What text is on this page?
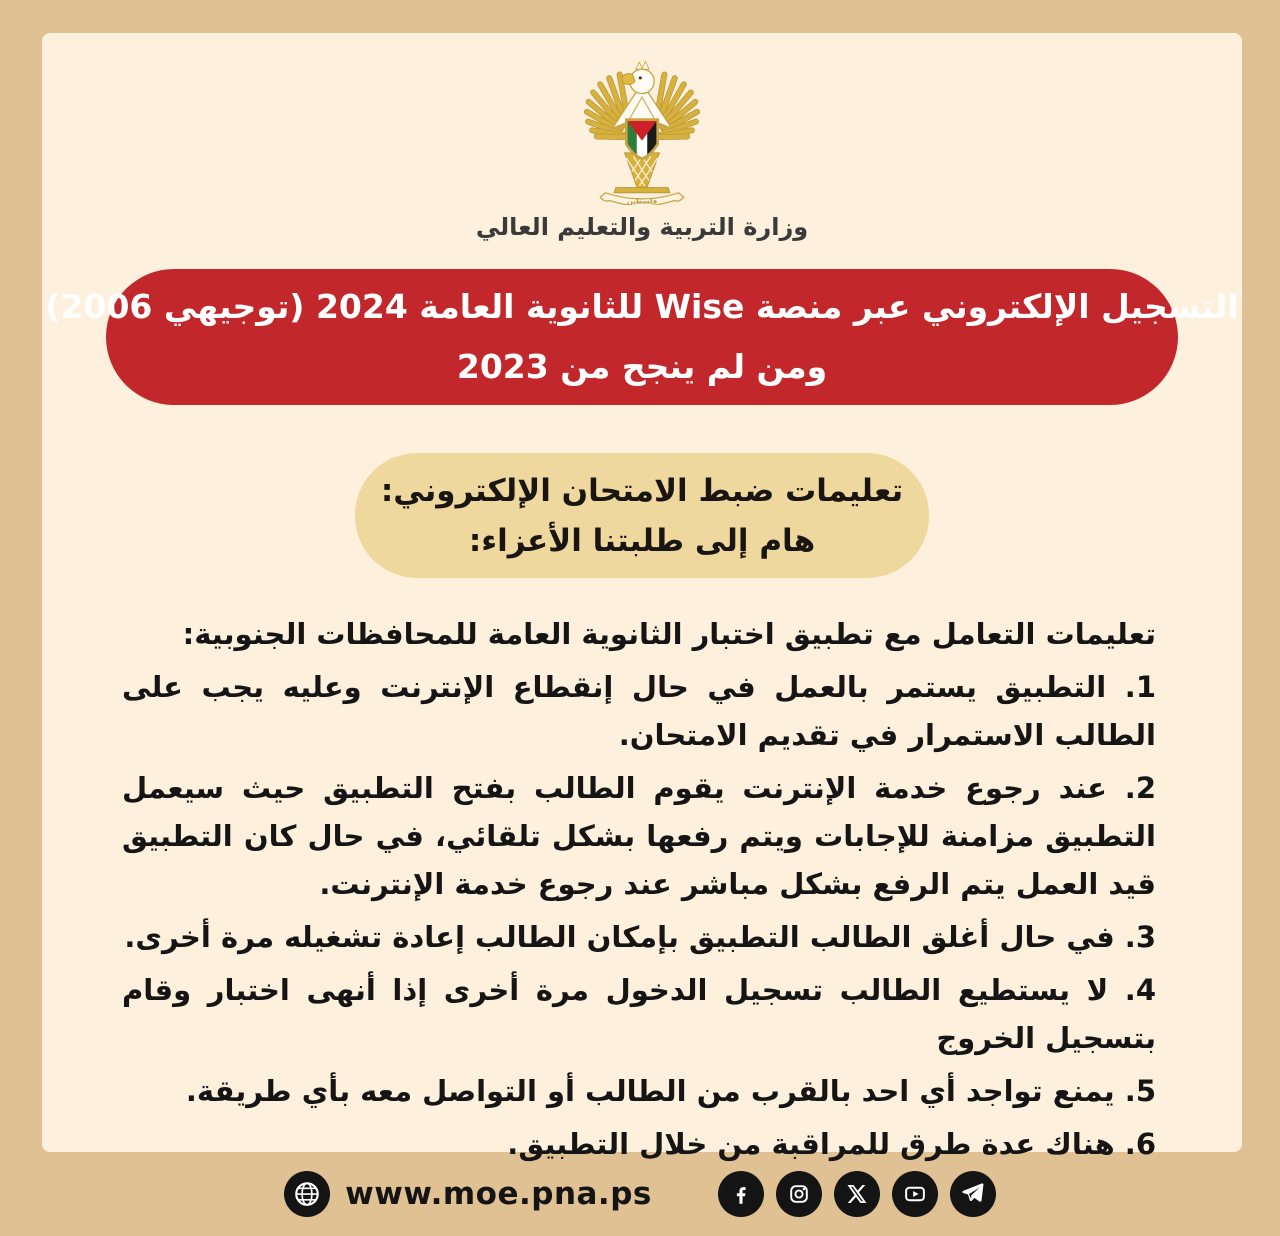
فلسطين
وزارة التربية والتعليم العالي
التسجيل الإلكتروني عبر منصة Wise للثانوية العامة 2024 (توجيهي 2006)
ومن لم ينجح من 2023
تعليمات ضبط الامتحان الإلكتروني:
هام إلى طلبتنا الأعزاء:
تعليمات التعامل مع تطبيق اختبار الثانوية العامة للمحافظات الجنوبية:
1. التطبيق يستمر بالعمل في حال إنقطاع الإنترنت وعليه يجب على الطالب الاستمرار في تقديم الامتحان.
2. عند رجوع خدمة الإنترنت يقوم الطالب بفتح التطبيق حيث سيعمل التطبيق مزامنة للإجابات ويتم رفعها بشكل تلقائي، في حال كان التطبيق قيد العمل يتم الرفع بشكل مباشر عند رجوع خدمة الإنترنت.
3. في حال أغلق الطالب التطبيق بإمكان الطالب إعادة تشغيله مرة أخرى.
4. لا يستطيع الطالب تسجيل الدخول مرة أخرى إذا أنهى اختبار وقام بتسجيل الخروج
5. يمنع تواجد أي احد بالقرب من الطالب أو التواصل معه بأي طريقة.
6. هناك عدة طرق للمراقبة من خلال التطبيق.
www.moe.pna.ps
